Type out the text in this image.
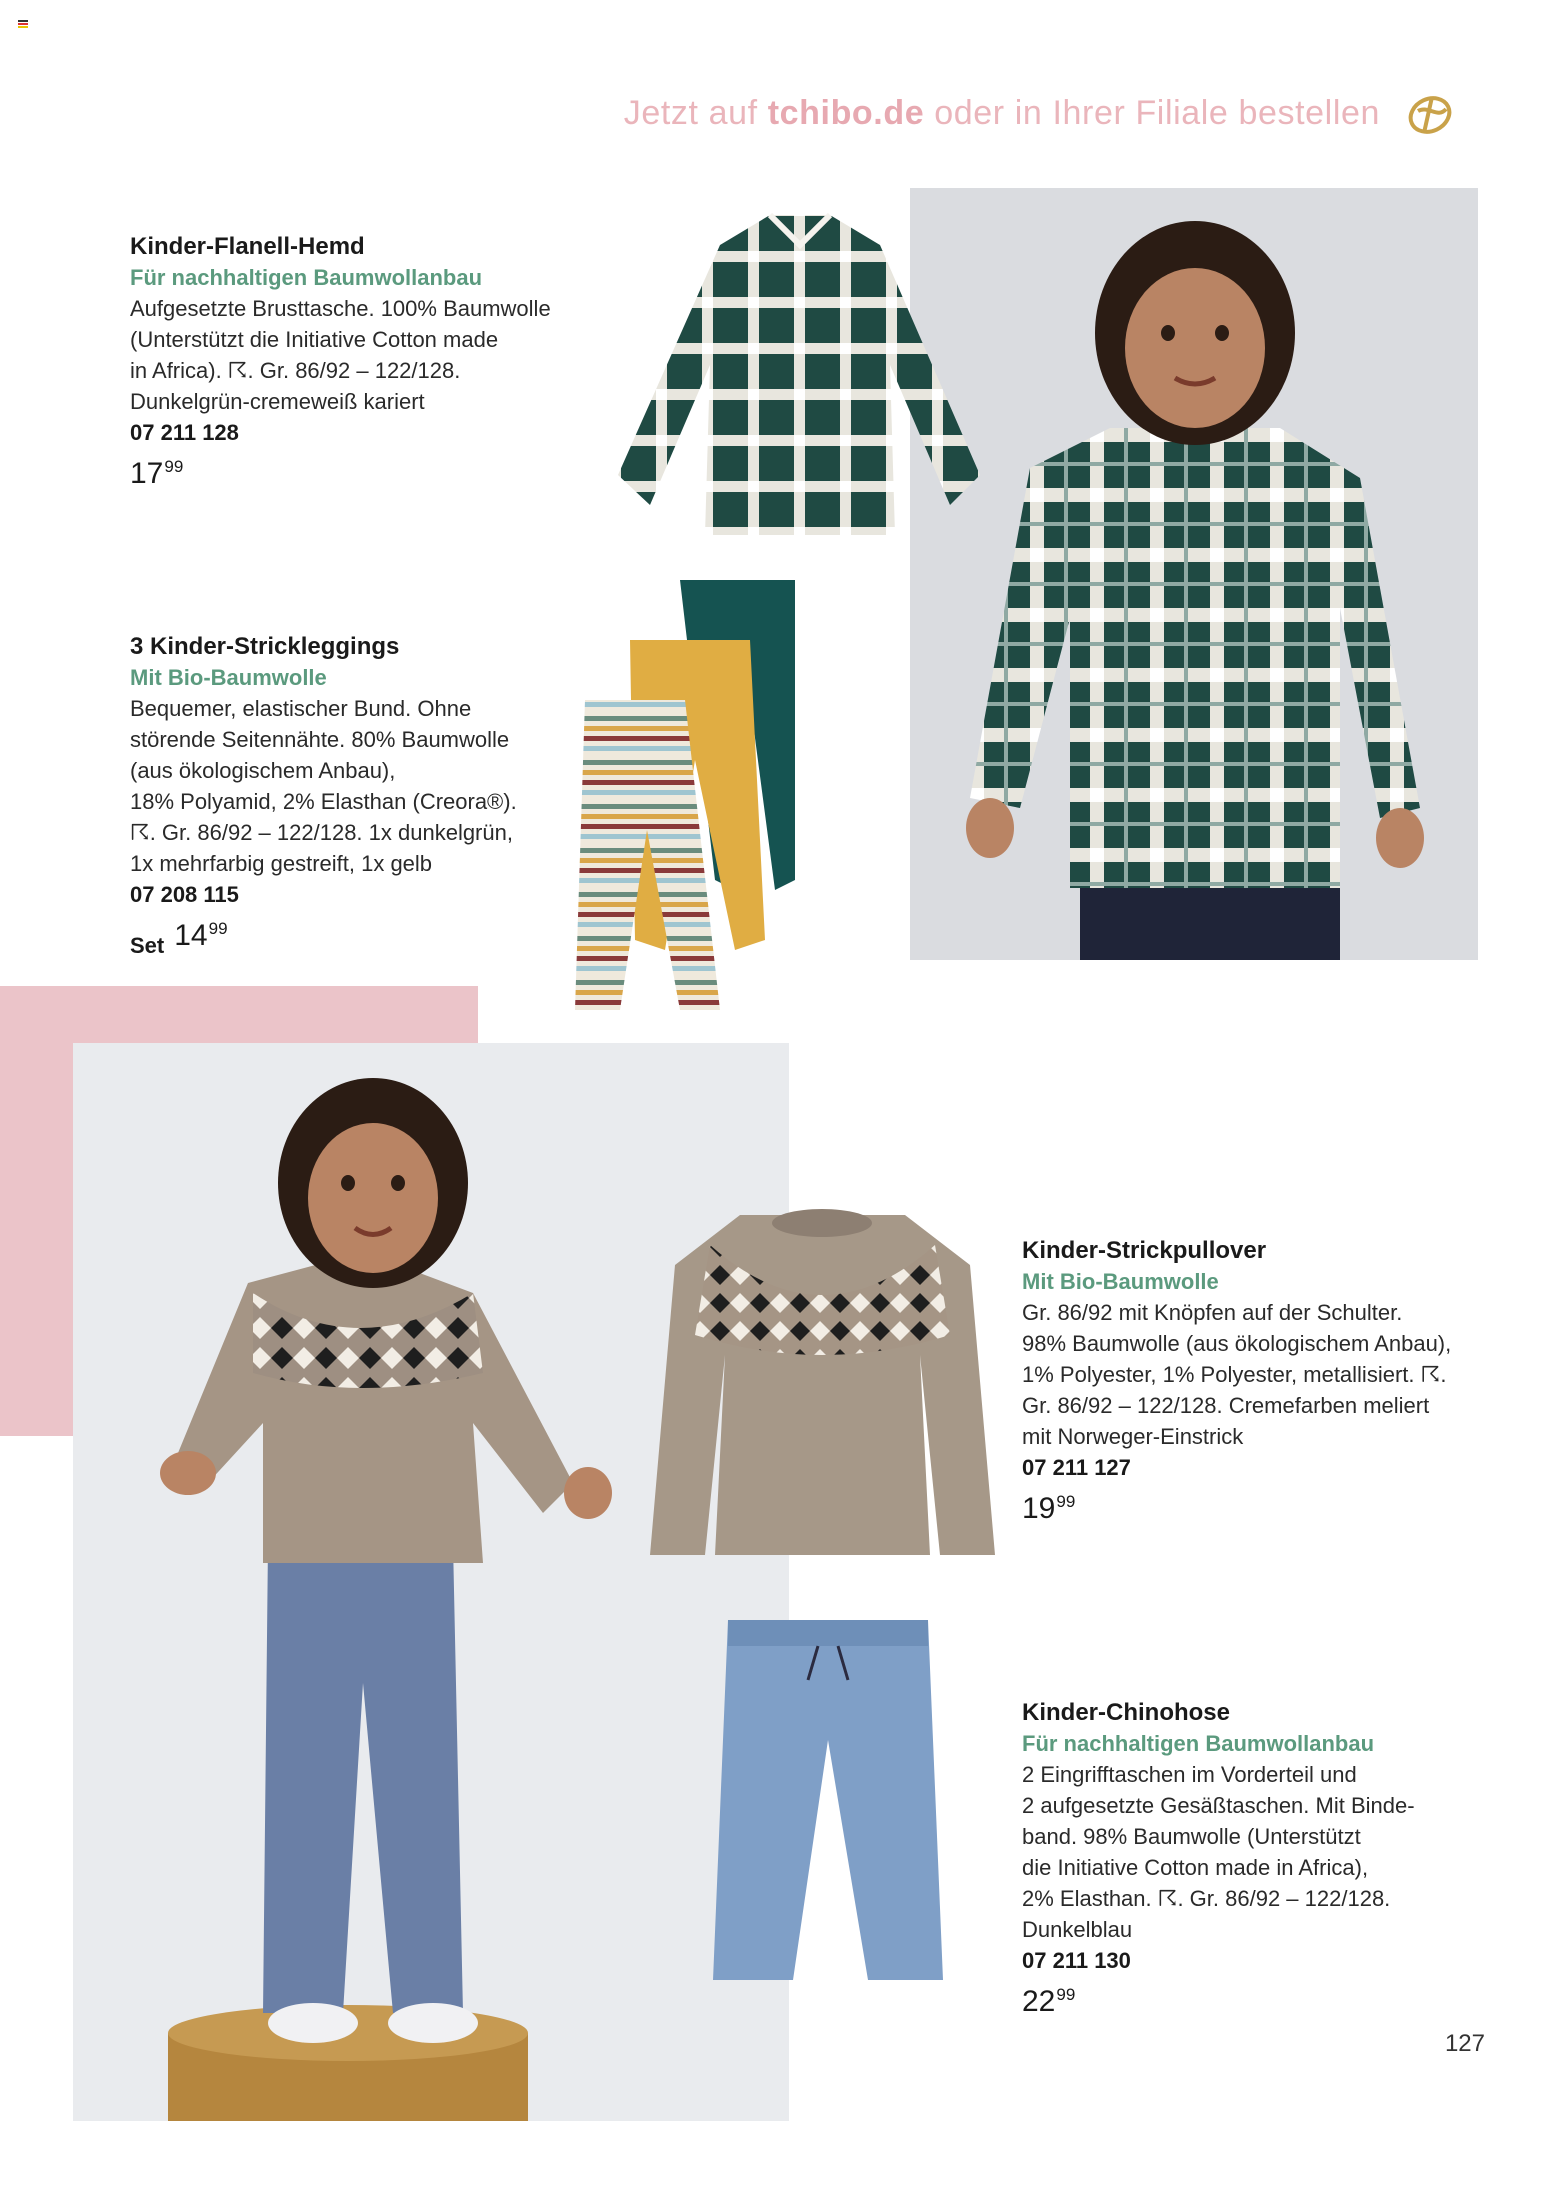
Jetzt auf tchibo.de oder in Ihrer Filiale bestellen
Kinder-Flanell-Hemd
Für nachhaltigen Baumwollanbau
Aufgesetzte Brusttasche. 100% Baumwolle
(Unterstützt die Initiative Cotton made
in Africa). ☈. Gr. 86/92 – 122/128.
Dunkelgrün-cremeweiß kariert
07 211 128
$17^{99}$
3 Kinder-Strickleggings
Mit Bio-Baumwolle
Bequemer, elastischer Bund. Ohne
störende Seitennähte. 80% Baumwolle
(aus ökologischem Anbau),
18% Polyamid, 2% Elasthan (Creora®).
☈. Gr. 86/92 – 122/128. 1x dunkelgrün,
1x mehrfarbig gestreift, 1x gelb
07 208 115
Set $14^{99}$
Kinder-Strickpullover
Mit Bio-Baumwolle
Gr. 86/92 mit Knöpfen auf der Schulter.
98% Baumwolle (aus ökologischem Anbau),
1% Polyester, 1% Polyester, metallisiert. ☈.
Gr. 86/92 – 122/128. Cremefarben meliert
mit Norweger-Einstrick
07 211 127
$19^{99}$
Kinder-Chinohose
Für nachhaltigen Baumwollanbau
2 Eingrifftaschen im Vorderteil und
2 aufgesetzte Gesäßtaschen. Mit Binde-
band. 98% Baumwolle (Unterstützt
die Initiative Cotton made in Africa),
2% Elasthan. ☈. Gr. 86/92 – 122/128.
Dunkelblau
07 211 130
$22^{99}$
127
